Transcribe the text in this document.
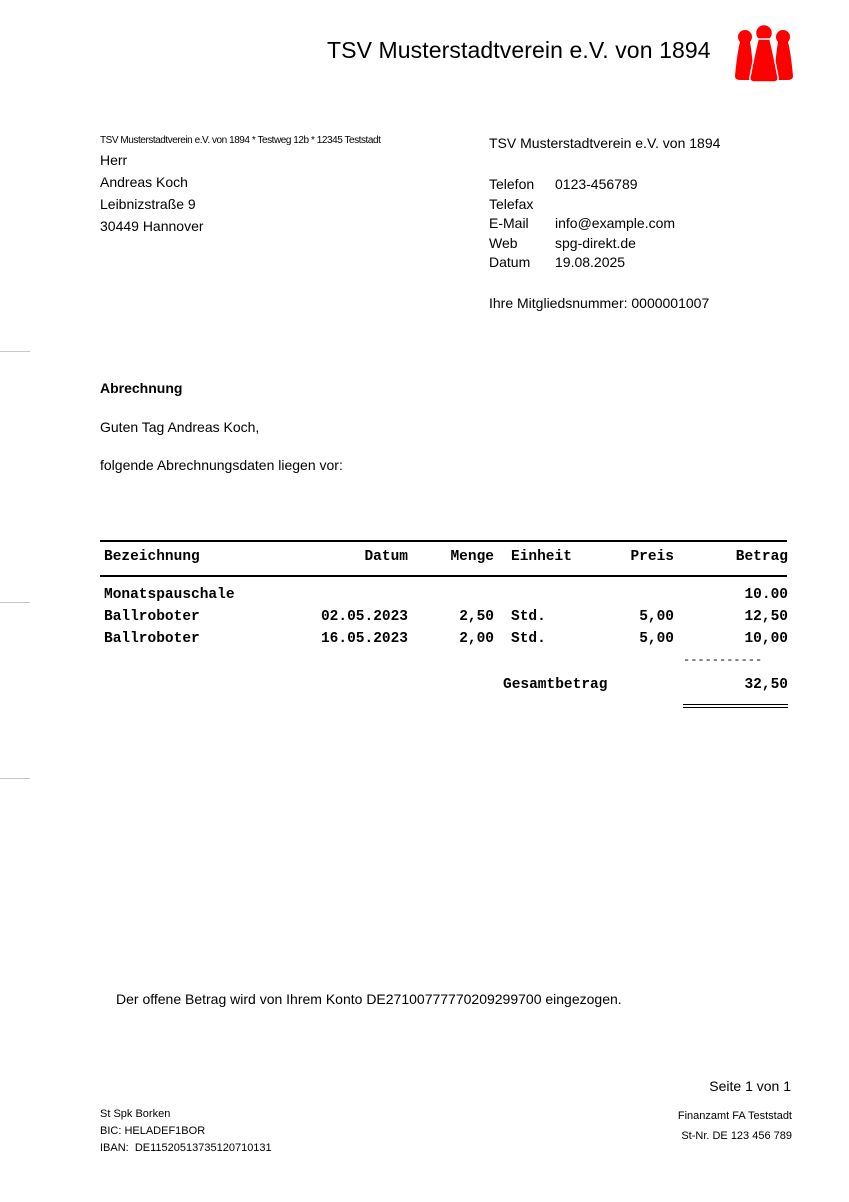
TSV Musterstadtverein e.V. von 1894
TSV Musterstadtverein e.V. von 1894 * Testweg 12b * 12345 Teststadt
Herr
Andreas Koch
Leibnizstraße 9
30449 Hannover
TSV Musterstadtverein e.V. von 1894
Telefon	0123-456789
Telefax
E-Mail	info@example.com
Web	spg-direkt.de
Datum	19.08.2025
Ihre Mitgliedsnummer: 0000001007
Abrechnung
Guten Tag Andreas Koch,
folgende Abrechnungsdaten liegen vor:
Bezeichnung	Datum	Menge Einheit	Preis	Betrag
Monatspauschale	10.00
Ballroboter	02.05.2023	2,50 Std.	5,00	12,50
Ballroboter	16.05.2023	2,00 Std.	5,00	10,00
-----------
Gesamtbetrag	32,50
Der offene Betrag wird von Ihrem Konto DE27100777770209299700 eingezogen.
Seite 1 von 1
St Spk Borken
BIC: HELADEF1BOR
IBAN:  DE11520513735120710131
Finanzamt FA Teststadt
St-Nr. DE 123 456 789
